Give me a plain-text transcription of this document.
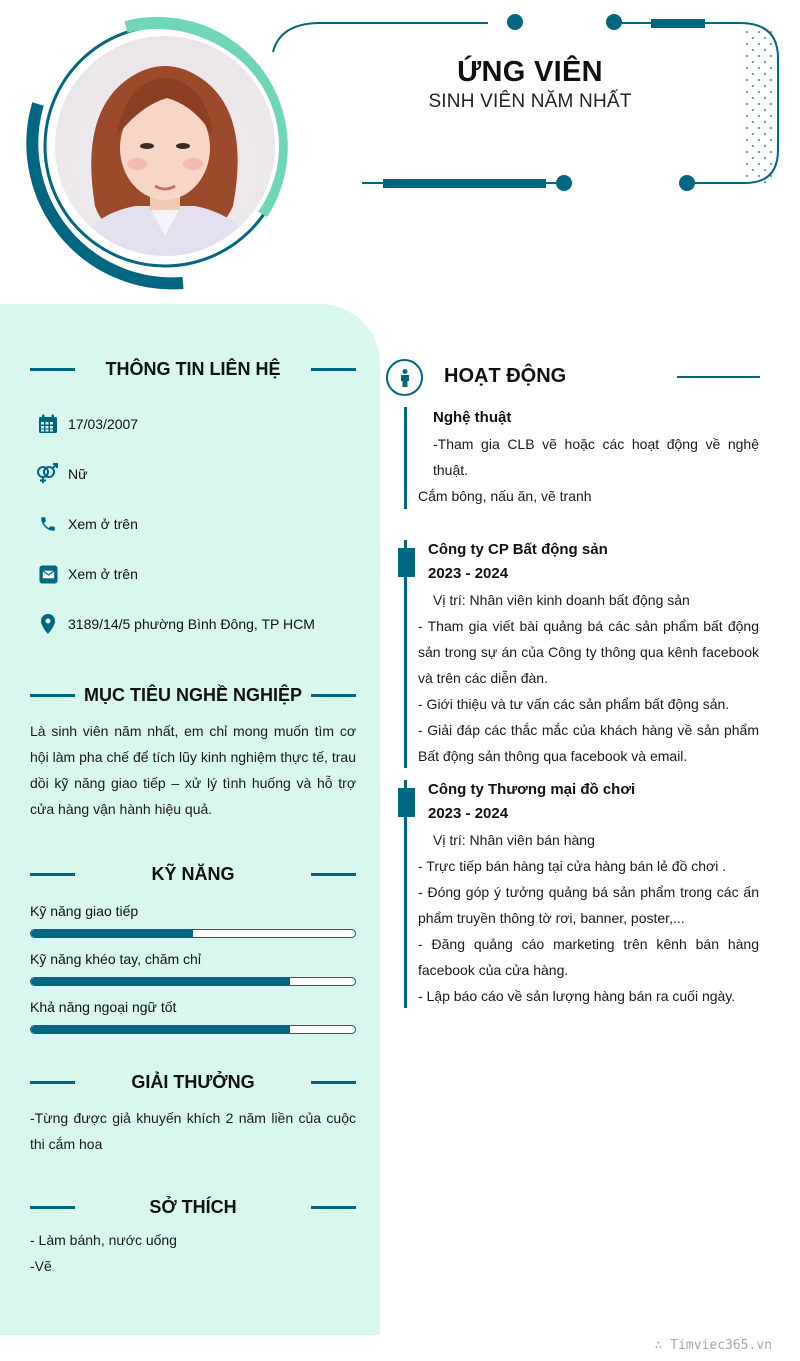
ỨNG VIÊN
SINH VIÊN NĂM NHẤT
THÔNG TIN LIÊN HỆ
17/03/2007
Nữ
Xem ở trên
Xem ở trên
3189/14/5 phường Bình Đông, TP HCM
MỤC TIÊU NGHỀ NGHIỆP
Là sinh viên năm nhất, em chỉ mong muốn tìm cơ hội làm pha chế để tích lũy kinh nghiệm thực tế, trau dồi kỹ năng giao tiếp – xử lý tình huống và hỗ trợ cửa hàng vận hành hiệu quả.
KỸ NĂNG
Kỹ năng giao tiếp
Kỹ năng khéo tay, chăm chỉ
Khả năng ngoại ngữ tốt
GIẢI THƯỞNG
-Từng được giả khuyến khích 2 năm liền của cuộc thi cắm hoa
SỞ THÍCH
- Làm bánh, nước uống
-Vẽ
HOẠT ĐỘNG
Nghệ thuật
-Tham gia CLB vẽ hoặc các hoạt động về nghệ thuật.
Cắm bông, nấu ăn, vẽ tranh
Công ty CP Bất động sản
2023 - 2024
Vị trí: Nhân viên kinh doanh bất động sản
- Tham gia viết bài quảng bá các sản phẩm bất động sản trong sự án của Công ty thông qua kênh facebook và trên các diễn đàn.
- Giới thiệu và tư vấn các sản phẩm bất động sản.
- Giải đáp các thắc mắc của khách hàng về sản phẩm Bất động sản thông qua facebook và email.
Công ty Thương mại đồ chơi
2023 - 2024
Vị trí: Nhân viên bán hàng
- Trực tiếp bán hàng tại cửa hàng bán lẻ đồ chơi .
- Đóng góp ý tưởng quảng bá sản phẩm trong các ấn phẩm truyền thông tờ rơi, banner, poster,...
- Đăng quảng cáo marketing trên kênh bán hàng facebook của cửa hàng.
- Lập báo cáo về sản lượng hàng bán ra cuối ngày.
∴ Timviec365.vn
